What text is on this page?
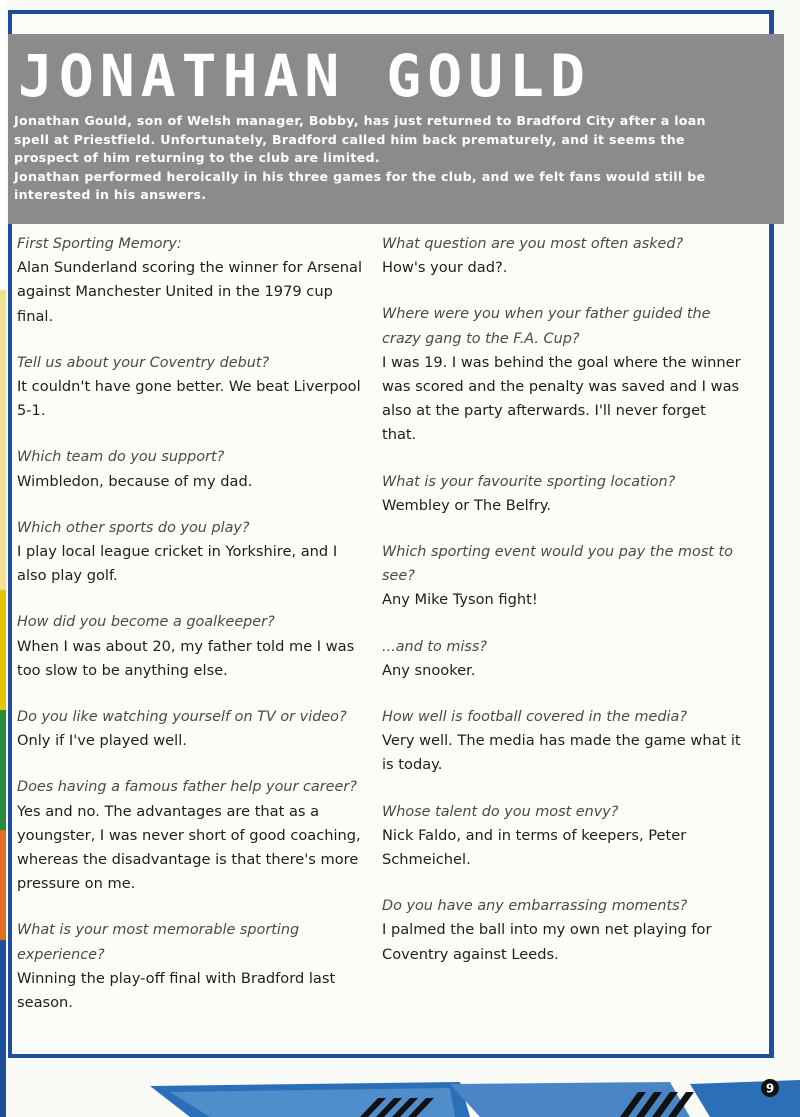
JONATHAN GOULD

Jonathan Gould, son of Welsh manager, Bobby, has just returned to Bradford City after a loan spell at Priestfield. Unfortunately, Bradford called him back prematurely, and it seems the prospect of him returning to the club are limited.

Jonathan performed heroically in his three games for the club, and we felt fans would still be interested in his answers.

First Sporting Memory:

Alan Sunderland scoring the winner for Arsenal against Manchester United in the 1979 cup final.

Tell us about your Coventry debut?

It couldn't have gone better. We beat Liverpool 5-1.

Which team do you support?

Wimbledon, because of my dad.

Which other sports do you play?

I play local league cricket in Yorkshire, and I also play golf.

How did you become a goalkeeper?

When I was about 20, my father told me I was too slow to be anything else.

Do you like watching yourself on TV or video?

Only if I've played well.

Does having a famous father help your career?

Yes and no. The advantages are that as a youngster, I was never short of good coaching, whereas the disadvantage is that there's more pressure on me.

What is your most memorable sporting experience?

Winning the play-off final with Bradford last season.

What question are you most often asked?

How's your dad?.

Where were you when your father guided the crazy gang to the F.A. Cup?

I was 19. I was behind the goal where the winner was scored and the penalty was saved and I was also at the party afterwards. I'll never forget that.

What is your favourite sporting location?

Wembley or The Belfry.

Which sporting event would you pay the most to see?

Any Mike Tyson fight!

...and to miss?

Any snooker.

How well is football covered in the media?

Very well. The media has made the game what it is today.

Whose talent do you most envy?

Nick Faldo, and in terms of keepers, Peter Schmeichel.

Do you have any embarrassing moments?

I palmed the ball into my own net playing for Coventry against Leeds.

9
